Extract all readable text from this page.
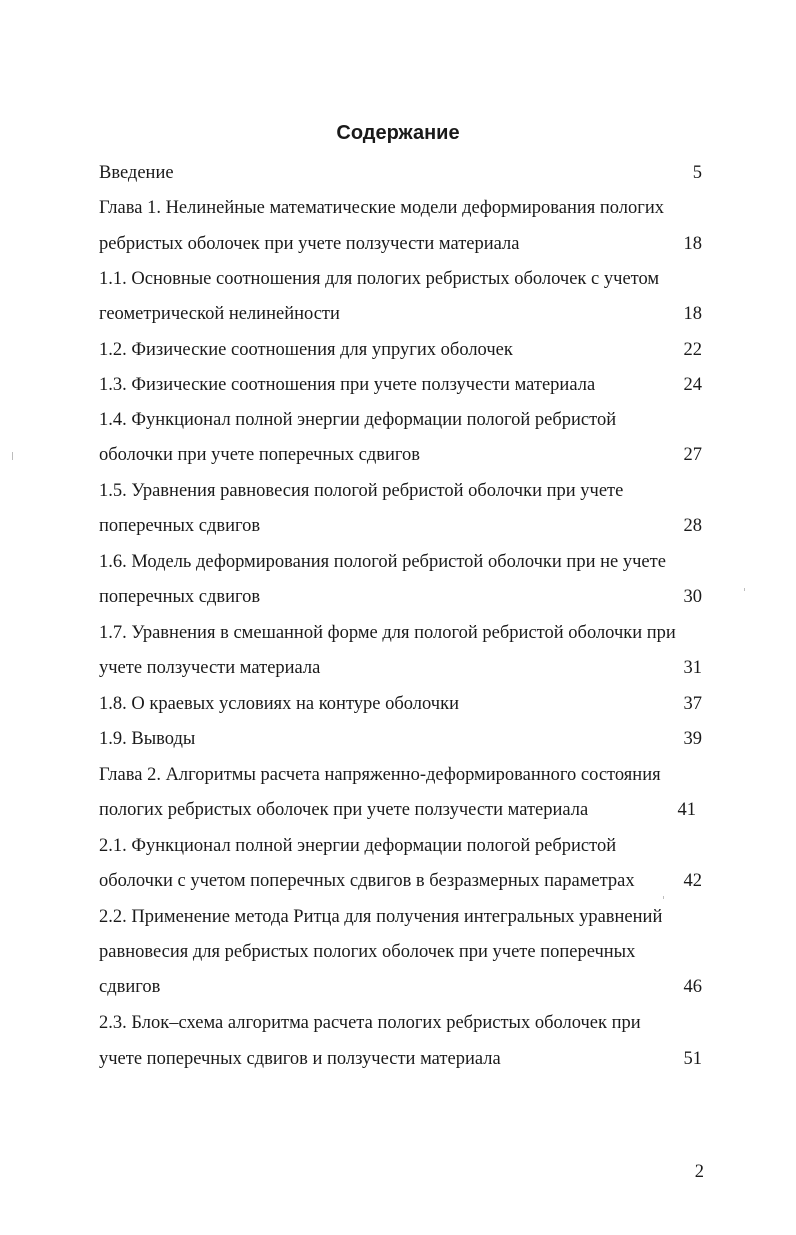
Содержание
Введение	5
Глава 1. Нелинейные математические модели деформирования пологих
ребристых оболочек при учете ползучести материала	18
1.1. Основные соотношения для пологих ребристых оболочек с учетом
геометрической нелинейности	18
1.2. Физические соотношения для упругих оболочек	22
1.3. Физические соотношения при учете ползучести материала	24
1.4. Функционал полной энергии деформации пологой ребристой
оболочки при учете поперечных сдвигов	27
1.5. Уравнения равновесия пологой ребристой оболочки при учете
поперечных сдвигов	28
1.6. Модель деформирования пологой ребристой оболочки при не учете
поперечных сдвигов	30
1.7. Уравнения в смешанной форме для пологой ребристой оболочки при
учете ползучести материала	31
1.8. О краевых условиях на контуре оболочки	37
1.9. Выводы	39
Глава 2. Алгоритмы расчета напряженно-деформированного состояния
пологих ребристых оболочек при учете ползучести материала	41
2.1. Функционал полной энергии деформации пологой ребристой
оболочки с учетом поперечных сдвигов в безразмерных параметрах	42
2.2. Применение метода Ритца для получения интегральных уравнений
равновесия для ребристых пологих оболочек при учете поперечных
сдвигов	46
2.3. Блок–схема алгоритма расчета пологих ребристых оболочек при
учете поперечных сдвигов и ползучести материала	51
2
